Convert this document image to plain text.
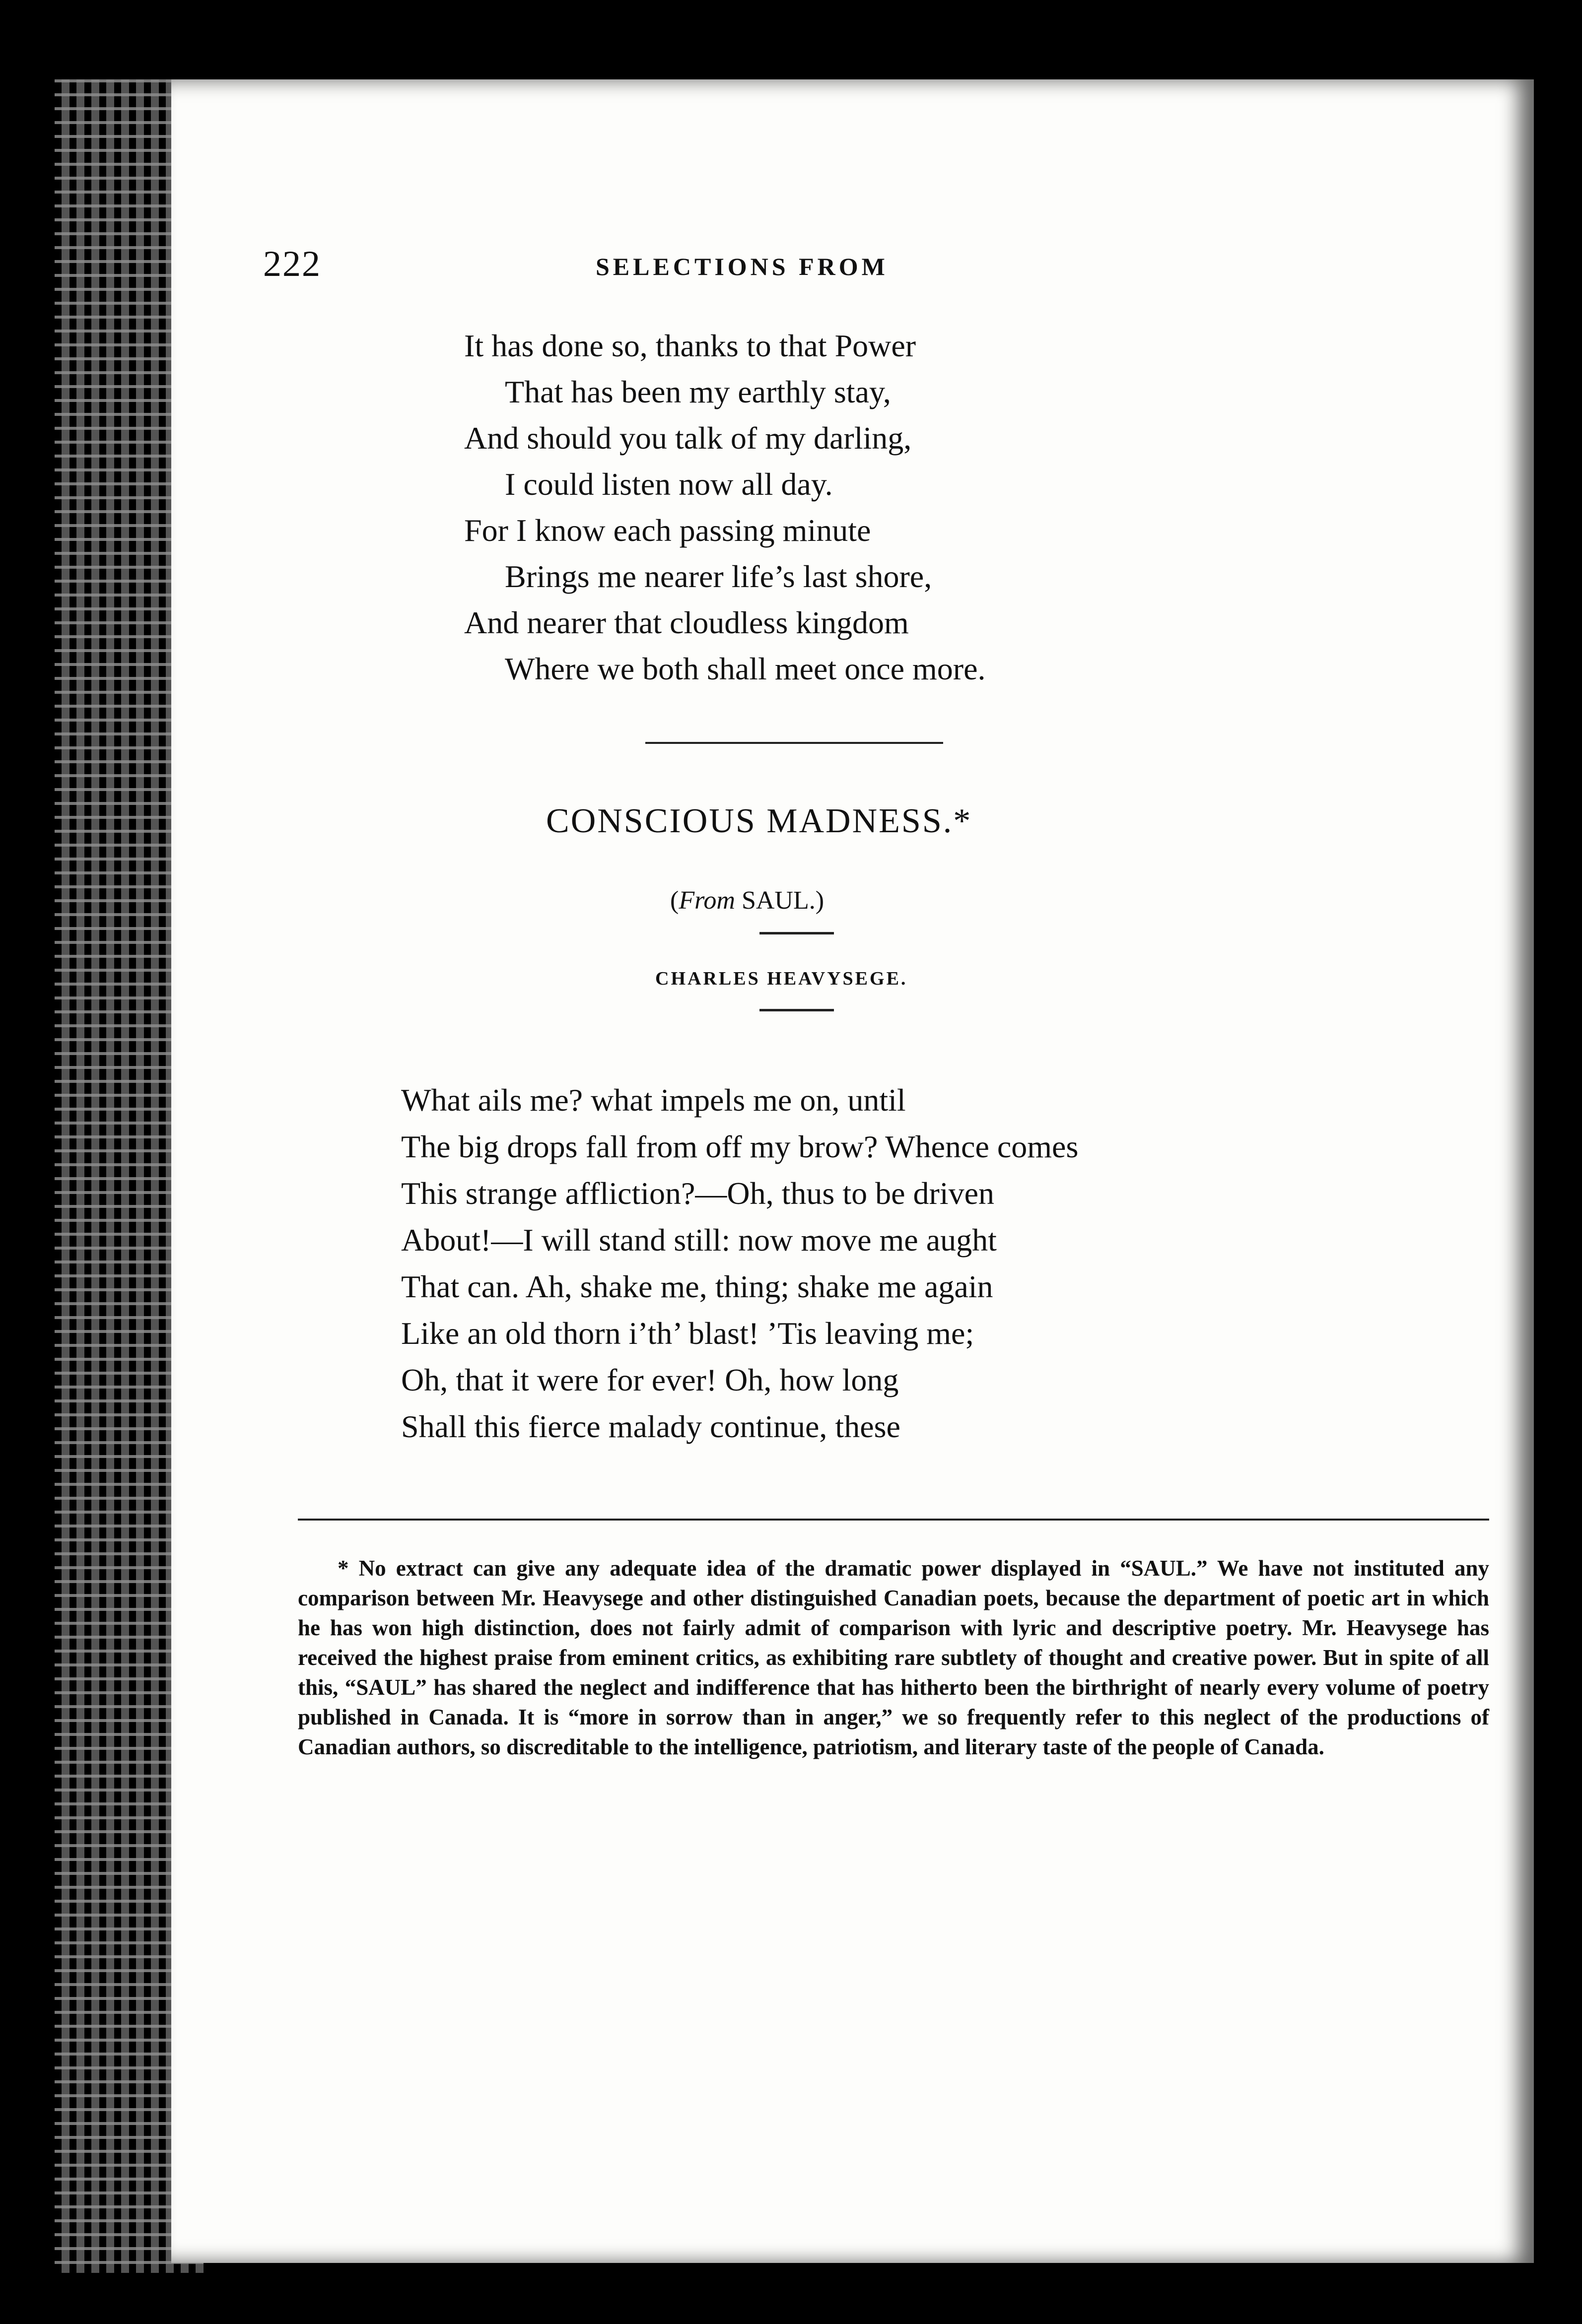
222	SELECTIONS FROM
It has done so, thanks to that Power
That has been my earthly stay,
And should you talk of my darling,
I could listen now all day.
For I know each passing minute
Brings me nearer life’s last shore,
And nearer that cloudless kingdom
Where we both shall meet once more.
CONSCIOUS MADNESS.*
(From SAUL.)
CHARLES HEAVYSEGE.
What ails me? what impels me on, until
The big drops fall from off my brow? Whence comes
This strange affliction?—Oh, thus to be driven
About!—I will stand still: now move me aught
That can. Ah, shake me, thing; shake me again
Like an old thorn i’th’ blast! ’Tis leaving me;
Oh, that it were for ever! Oh, how long
Shall this fierce malady continue, these

* No extract can give any adequate idea of the dramatic power displayed in “SAUL.” We have not instituted any comparison between Mr. Heavysege and other distinguished Canadian poets, because the department of poetic art in which he has won high distinction, does not fairly admit of comparison with lyric and descriptive poetry. Mr. Heavysege has received the highest praise from eminent critics, as exhibiting rare subtlety of thought and creative power. But in spite of all this, “SAUL” has shared the neglect and indifference that has hitherto been the birthright of nearly every volume of poetry published in Canada. It is “more in sorrow than in anger,” we so frequently refer to this neglect of the productions of Canadian authors, so discreditable to the intelligence, patriotism, and literary taste of the people of Canada.
